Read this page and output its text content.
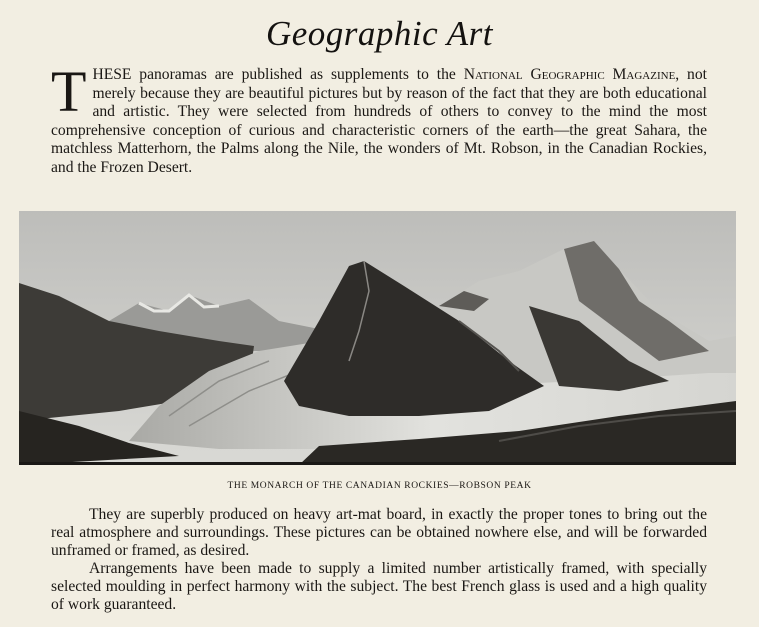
Geographic Art
THESE panoramas are published as supplements to the National Geographic Magazine, not merely because they are beautiful pictures but by reason of the fact that they are both educational and artistic. They were selected from hundreds of others to convey to the mind the most comprehensive conception of curious and characteristic corners of the earth—the great Sahara, the matchless Matterhorn, the Palms along the Nile, the wonders of Mt. Robson, in the Canadian Rockies, and the Frozen Desert.
THE MONARCH OF THE CANADIAN ROCKIES—ROBSON PEAK

They are superbly produced on heavy art-mat board, in exactly the proper tones to bring out the real atmosphere and surroundings. These pictures can be obtained nowhere else, and will be forwarded unframed or framed, as desired.

Arrangements have been made to supply a limited number artistically framed, with specially selected moulding in perfect harmony with the subject. The best French glass is used and a high quality of work guaranteed.
